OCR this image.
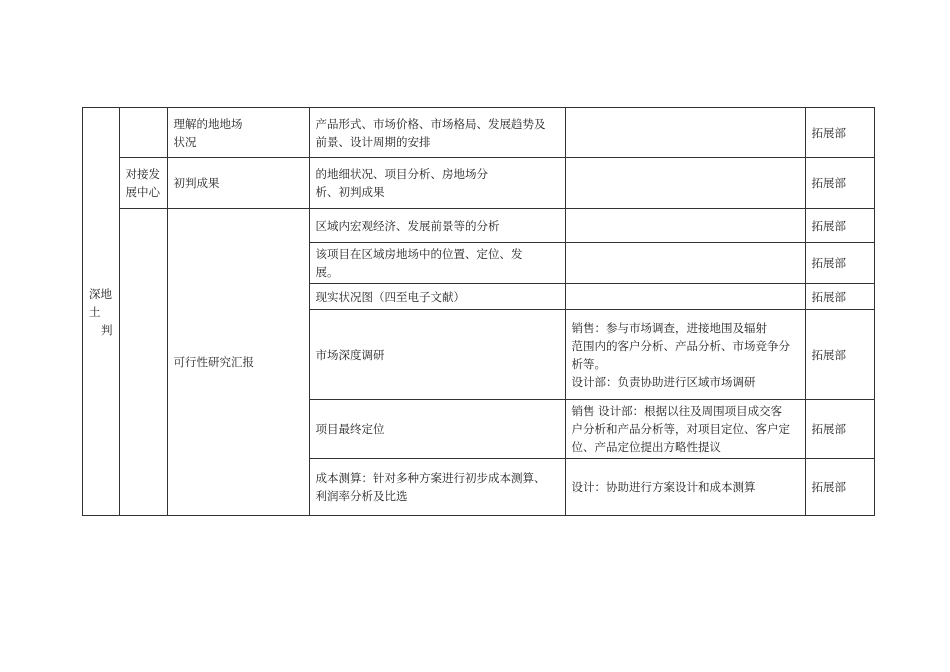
深地土
判		理解的地地场
状况	产品形式、市场价格、市场格局、发展趋势及
前景、设计周期的安排		拓展部

	对接发
展中心	初判成果	的地细状况、项目分析、房地场分
析、初判成果		拓展部
		可行性研究汇报	区域内宏观经济、发展前景等的分析		拓展部

			该项目在区域房地场中的位置、定位、发
展。		拓展部
			现实状况图（四至电子文献）		拓展部
			市场深度调研	销售：参与市场调查，进接地围及辐射
范围内的客户分析、产品分析、市场竞争分
析等。
设计部：负责协助进行区域市场调研	拓展部
			项目最终定位	销售 设计部：根据以往及周围项目成交客
户分析和产品分析等，对项目定位、客户定
位、产品定位提出方略性提议	拓展部

			成本测算：针对多种方案进行初步成本测算、
利润率分析及比选	设计：协助进行方案设计和成本测算	拓展部
